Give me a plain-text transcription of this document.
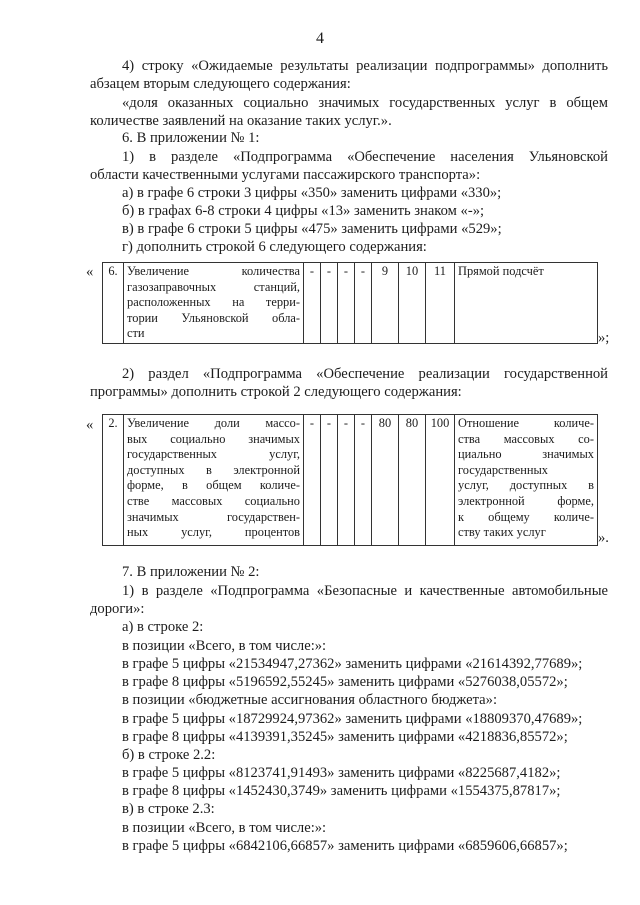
4
4) строку «Ожидаемые результаты реализации подпрограммы» дополнить
абзацем вторым следующего содержания:
«доля оказанных социально значимых государственных услуг в общем
количестве заявлений на оказание таких услуг.».
6. В приложении № 1:
1) в разделе «Подпрограмма «Обеспечение населения Ульяновской
области качественными услугами пассажирского транспорта»:
а) в графе 6 строки 3 цифры «350» заменить цифрами «330»;
б) в графах 6-8 строки 4 цифры «13» заменить знаком «-»;
в) в графе 6 строки 5 цифры «475» заменить цифрами «529»;
г) дополнить строкой 6 следующего содержания:
« 6.	Увеличение количества
газозаправочных станций,
расположенных на терри-
тории Ульяновской обла-
сти
	-	-	-	-	9	10	11	Прямой подсчёт
»;
2) раздел «Подпрограмма «Обеспечение реализации государственной
программы» дополнить строкой 2 следующего содержания:
« 2.	Увеличение доли массо-
вых социально значимых
государственных услуг,
доступных в электронной
форме, в общем количе-
стве массовых социально
значимых государствен-
ных услуг, процентов
	-	-	-	-	80	80	100	Отношение количе-
ства массовых со-
циально значимых
государственных
услуг, доступных в
электронной форме,
к общему количе-
ству таких услуг	».
7. В приложении № 2:
1) в разделе «Подпрограмма «Безопасные и качественные автомобильные
дороги»:
а) в строке 2:
в позиции «Всего, в том числе:»:
в графе 5 цифры «21534947,27362» заменить цифрами «21614392,77689»;
в графе 8 цифры «5196592,55245» заменить цифрами «5276038,05572»;
в позиции «бюджетные ассигнования областного бюджета»:
в графе 5 цифры «18729924,97362» заменить цифрами «18809370,47689»;
в графе 8 цифры «4139391,35245» заменить цифрами «4218836,85572»;
б) в строке 2.2:
в графе 5 цифры «8123741,91493» заменить цифрами «8225687,4182»;
в графе 8 цифры «1452430,3749» заменить цифрами «1554375,87817»;
в) в строке 2.3:
в позиции «Всего, в том числе:»:
в графе 5 цифры «6842106,66857» заменить цифрами «6859606,66857»;
